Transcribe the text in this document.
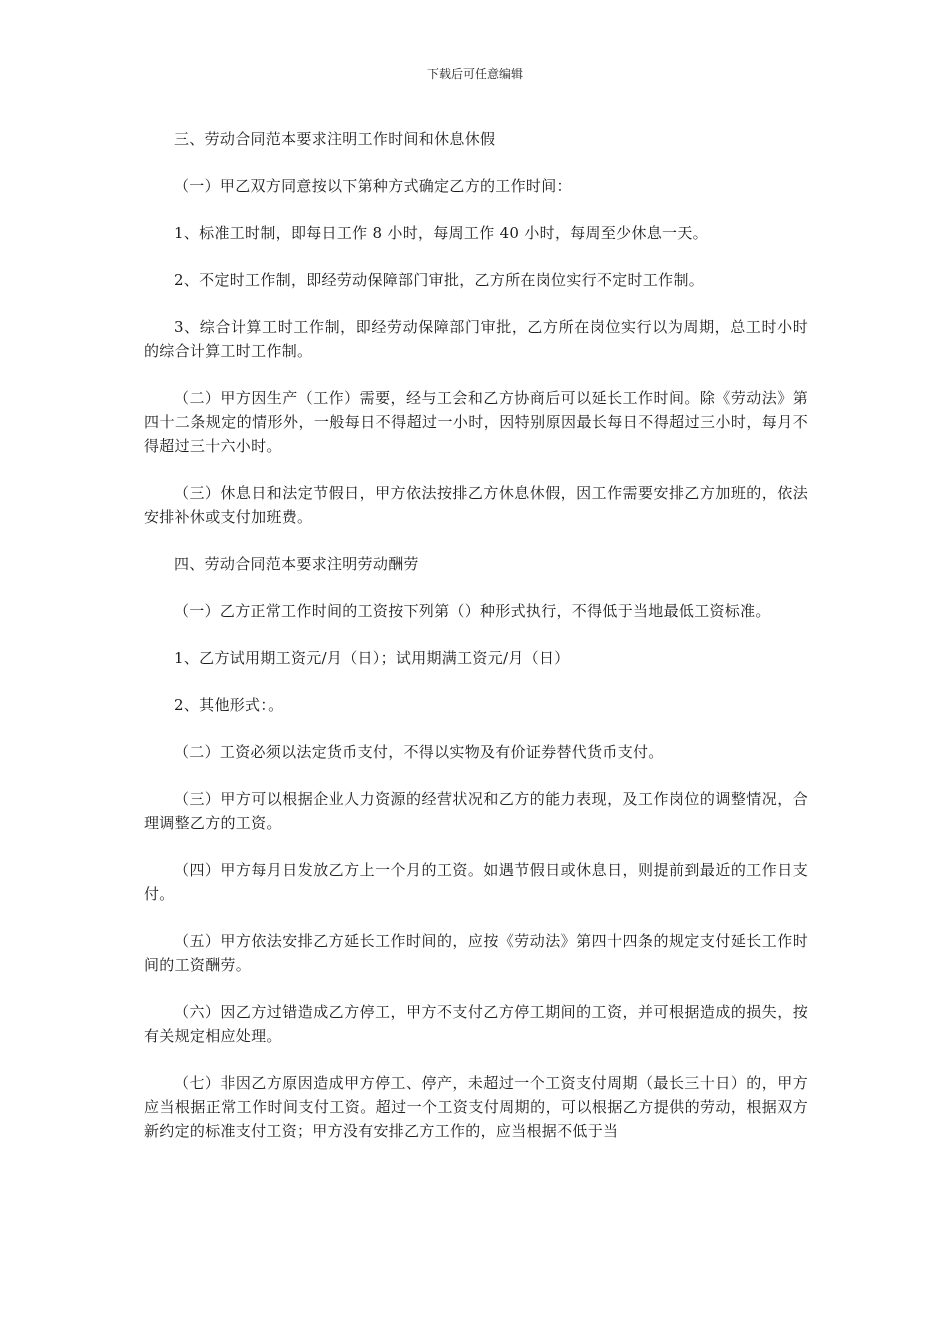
下载后可任意编辑

三、劳动合同范本要求注明工作时间和休息休假

（一）甲乙双方同意按以下第种方式确定乙方的工作时间：

1、标准工时制，即每日工作 8 小时，每周工作 40 小时，每周至少休息一天。

2、不定时工作制，即经劳动保障部门审批，乙方所在岗位实行不定时工作制。

3、综合计算工时工作制，即经劳动保障部门审批，乙方所在岗位实行以为周期，总工时小时的综合计算工时工作制。

（二）甲方因生产（工作）需要，经与工会和乙方协商后可以延长工作时间。除《劳动法》第四十二条规定的情形外，一般每日不得超过一小时，因特别原因最长每日不得超过三小时，每月不得超过三十六小时。

（三）休息日和法定节假日，甲方依法按排乙方休息休假，因工作需要安排乙方加班的，依法安排补休或支付加班费。

四、劳动合同范本要求注明劳动酬劳

（一）乙方正常工作时间的工资按下列第（）种形式执行，不得低于当地最低工资标准。

1、乙方试用期工资元/月（日）；试用期满工资元/月（日）

2、其他形式：。

（二）工资必须以法定货币支付，不得以实物及有价证券替代货币支付。

（三）甲方可以根据企业人力资源的经营状况和乙方的能力表现，及工作岗位的调整情况，合理调整乙方的工资。

（四）甲方每月日发放乙方上一个月的工资。如遇节假日或休息日，则提前到最近的工作日支付。

（五）甲方依法安排乙方延长工作时间的，应按《劳动法》第四十四条的规定支付延长工作时间的工资酬劳。

（六）因乙方过错造成乙方停工，甲方不支付乙方停工期间的工资，并可根据造成的损失，按有关规定相应处理。

（七）非因乙方原因造成甲方停工、停产，未超过一个工资支付周期（最长三十日）的，甲方应当根据正常工作时间支付工资。超过一个工资支付周期的，可以根据乙方提供的劳动，根据双方新约定的标准支付工资；甲方没有安排乙方工作的，应当根据不低于当
